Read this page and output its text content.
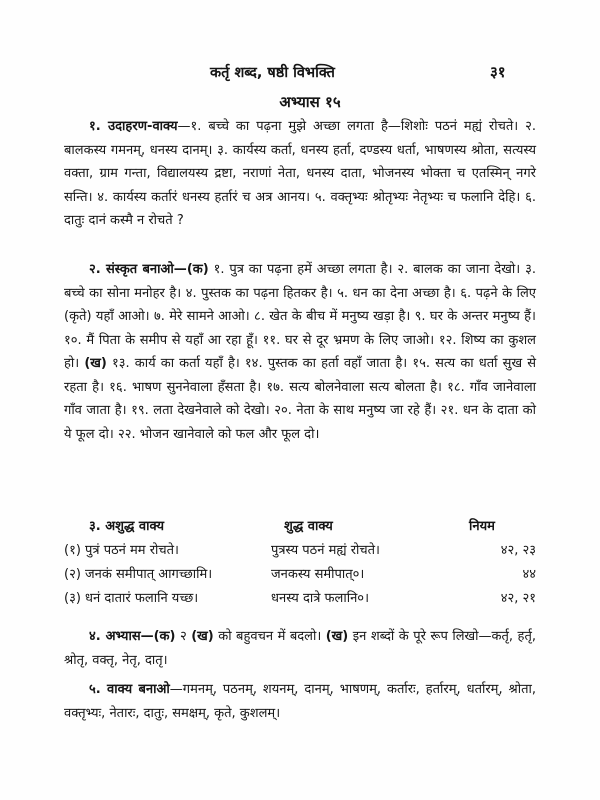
कर्तृ शब्द, षष्ठी विभक्ति	३१
अभ्यास १५

१. उदाहरण-वाक्य—१. बच्चे का पढ़ना मुझे अच्छा लगता है—शिशोः पठनं मह्यं रोचते। २. बालकस्य गमनम्, धनस्य दानम्। ३. कार्यस्य कर्ता, धनस्य हर्ता, दण्डस्य धर्ता, भाषणस्य श्रोता, सत्यस्य वक्ता, ग्राम गन्ता, विद्यालयस्य द्रष्टा, नराणां नेता, धनस्य दाता, भोजनस्य भोक्ता च एतस्मिन् नगरे सन्ति। ४. कार्यस्य कर्तारं धनस्य हर्तारं च अत्र आनय। ५. वक्तृभ्यः श्रोतृभ्यः नेतृभ्यः च फलानि देहि। ६. दातुः दानं कस्मै न रोचते ?

२. संस्कृत बनाओ—(क) १. पुत्र का पढ़ना हमें अच्छा लगता है। २. बालक का जाना देखो। ३. बच्चे का सोना मनोहर है। ४. पुस्तक का पढ़ना हितकर है। ५. धन का देना अच्छा है। ६. पढ़ने के लिए (कृते) यहाँ आओ। ७. मेरे सामने आओ। ८. खेत के बीच में मनुष्य खड़ा है। ९. घर के अन्तर मनुष्य हैं। १०. मैं पिता के समीप से यहाँ आ रहा हूँ। ११. घर से दूर भ्रमण के लिए जाओ। १२. शिष्य का कुशल हो। (ख) १३. कार्य का कर्ता यहाँ है। १४. पुस्तक का हर्ता वहाँ जाता है। १५. सत्य का धर्ता सुख से रहता है। १६. भाषण सुननेवाला हँसता है। १७. सत्य बोलनेवाला सत्य बोलता है। १८. गाँव जानेवाला गाँव जाता है। १९. लता देखनेवाले को देखो। २०. नेता के साथ मनुष्य जा रहे हैं। २१. धन के दाता को ये फूल दो। २२. भोजन खानेवाले को फल और फूल दो।

३. अशुद्ध वाक्य	शुद्ध वाक्य	नियम
(१) पुत्रं पठनं मम रोचते।	पुत्रस्य पठनं मह्यं रोचते।	४२, २३
(२) जनकं समीपात् आगच्छामि।	जनकस्य समीपात्०।	४४
(३) धनं दातारं फलानि यच्छ।	धनस्य दात्रे फलानि०।	४२, २१

४. अभ्यास—(क) २ (ख) को बहुवचन में बदलो। (ख) इन शब्दों के पूरे रूप लिखो—कर्तृ, हर्तृ, श्रोतृ, वक्तृ, नेतृ, दातृ।

५. वाक्य बनाओ—गमनम्, पठनम्, शयनम्, दानम्, भाषणम्, कर्तारः, हर्तारम्, धर्तारम्, श्रोता, वक्तृभ्यः, नेतारः, दातुः, समक्षम्, कृते, कुशलम्।
